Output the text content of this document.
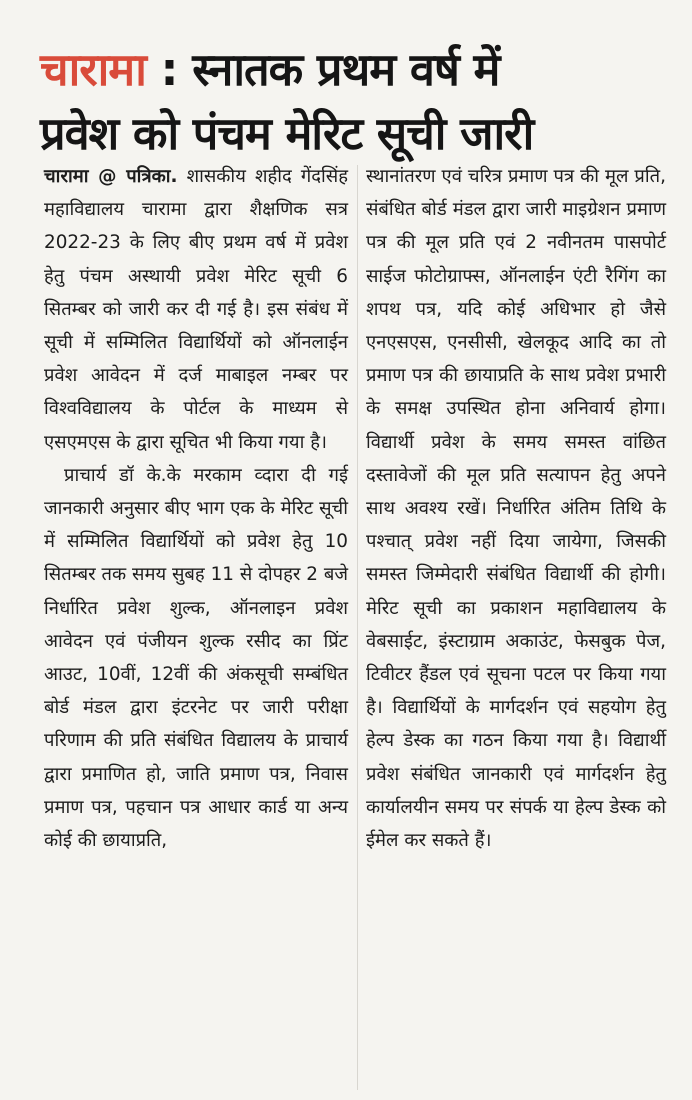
चारामा : स्नातक प्रथम वर्ष में
प्रवेश को पंचम मेरिट सूची जारी

चारामा @ पत्रिका. शासकीय शहीद गेंदसिंह महाविद्यालय चारामा द्वारा शैक्षणिक सत्र 2022-23 के लिए बीए प्रथम वर्ष में प्रवेश हेतु पंचम अस्थायी प्रवेश मेरिट सूची 6 सितम्बर को जारी कर दी गई है। इस संबंध में सूची में सम्मिलित विद्यार्थियों को ऑनलाईन प्रवेश आवेदन में दर्ज माबाइल नम्बर पर विश्वविद्यालय के पोर्टल के माध्यम से एसएमएस के द्वारा सूचित भी किया गया है।

प्राचार्य डॉ के.के मरकाम व्दारा दी गई जानकारी अनुसार बीए भाग एक के मेरिट सूची में सम्मिलित विद्यार्थियों को प्रवेश हेतु 10 सितम्बर तक समय सुबह 11 से दोपहर 2 बजे निर्धारित प्रवेश शुल्क, ऑनलाइन प्रवेश आवेदन एवं पंजीयन शुल्क रसीद का प्रिंट आउट, 10वीं, 12वीं की अंकसूची सम्बंधित बोर्ड मंडल द्वारा इंटरनेट पर जारी परीक्षा परिणाम की प्रति संबंधित विद्यालय के प्राचार्य द्वारा प्रमाणित हो, जाति प्रमाण पत्र, निवास प्रमाण पत्र, पहचान पत्र आधार कार्ड या अन्य कोई की छायाप्रति,

स्थानांतरण एवं चरित्र प्रमाण पत्र की मूल प्रति, संबंधित बोर्ड मंडल द्वारा जारी माइग्रेशन प्रमाण पत्र की मूल प्रति एवं 2 नवीनतम पासपोर्ट साईज फोटोग्राफ्स, ऑनलाईन एंटी रैगिंग का शपथ पत्र, यदि कोई अधिभार हो जैसे एनएसएस, एनसीसी, खेलकूद आदि का तो प्रमाण पत्र की छायाप्रति के साथ प्रवेश प्रभारी के समक्ष उपस्थित होना अनिवार्य होगा। विद्यार्थी प्रवेश के समय समस्त वांछित दस्तावेजों की मूल प्रति सत्यापन हेतु अपने साथ अवश्य रखें। निर्धारित अंतिम तिथि के पश्चात् प्रवेश नहीं दिया जायेगा, जिसकी समस्त जिम्मेदारी संबंधित विद्यार्थी की होगी। मेरिट सूची का प्रकाशन महाविद्यालय के वेबसाईट, इंस्टाग्राम अकाउंट, फेसबुक पेज, टिवीटर हैंडल एवं सूचना पटल पर किया गया है। विद्यार्थियों के मार्गदर्शन एवं सहयोग हेतु हेल्प डेस्क का गठन किया गया है। विद्यार्थी प्रवेश संबंधित जानकारी एवं मार्गदर्शन हेतु कार्यालयीन समय पर संपर्क या हेल्प डेस्क को ईमेल कर सकते हैं।
